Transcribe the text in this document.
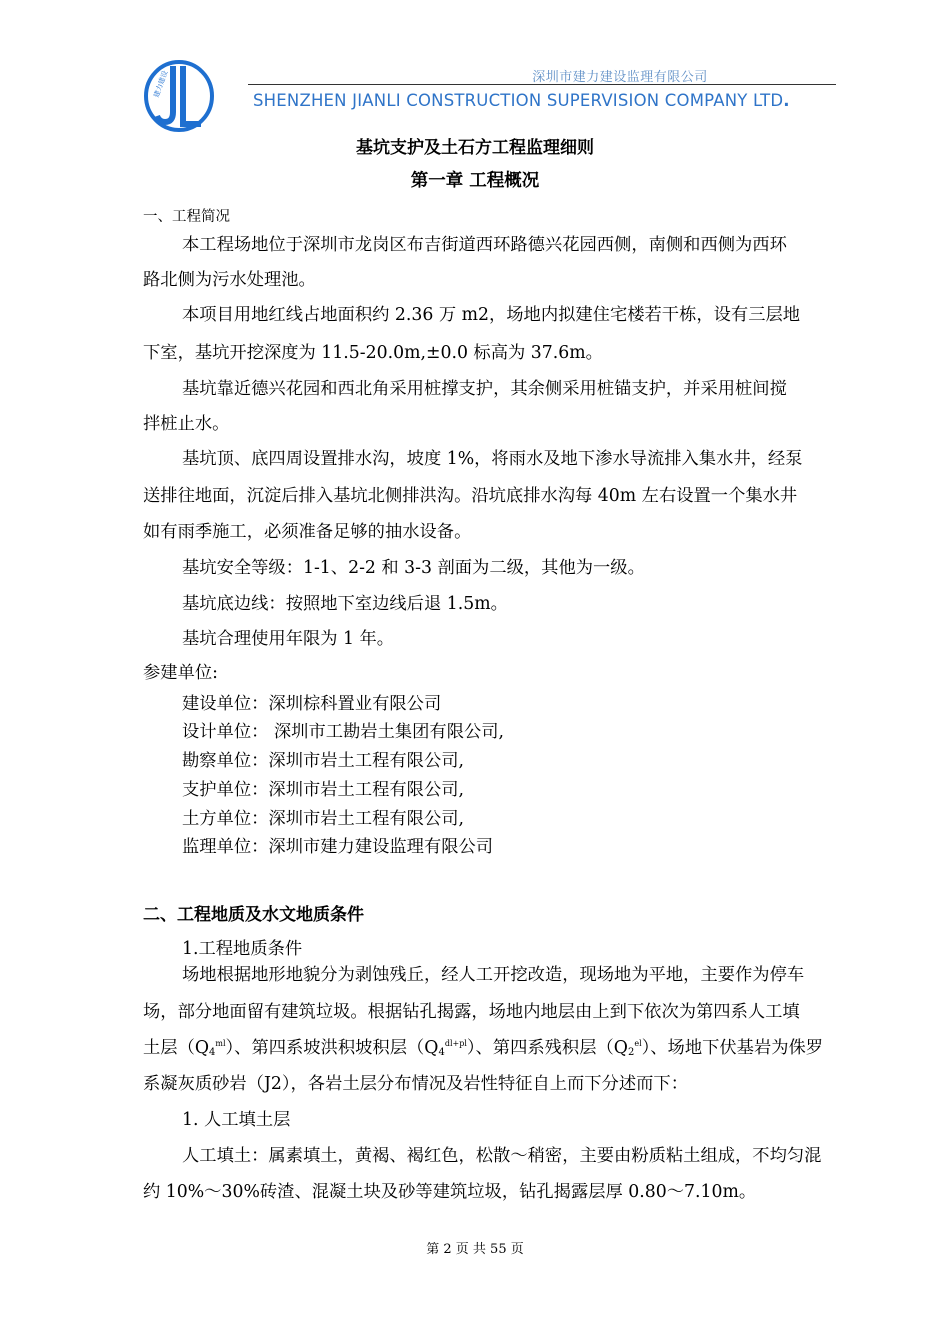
建力建设	深圳市建力建设监理有限公司
SHENZHEN JIANLI CONSTRUCTION SUPERVISION COMPANY LTD.
基坑支护及土石方工程监理细则
第一章 工程概况
一、工程简况
本工程场地位于深圳市龙岗区布吉街道西环路德兴花园西侧，南侧和西侧为西环
路北侧为污水处理池。
本项目用地红线占地面积约 2.36 万 m2，场地内拟建住宅楼若干栋，设有三层地
下室，基坑开挖深度为 11.5-20.0m,±0.0 标高为 37.6m。
基坑靠近德兴花园和西北角采用桩撑支护，其余侧采用桩锚支护，并采用桩间搅
拌桩止水。
基坑顶、底四周设置排水沟，坡度 1%，将雨水及地下渗水导流排入集水井，经泵
送排往地面，沉淀后排入基坑北侧排洪沟。沿坑底排水沟每 40m 左右设置一个集水井
如有雨季施工，必须准备足够的抽水设备。
基坑安全等级：1-1、2-2 和 3-3 剖面为二级，其他为一级。
基坑底边线：按照地下室边线后退 1.5m。
基坑合理使用年限为 1 年。
参建单位:
建设单位：深圳棕科置业有限公司
设计单位： 深圳市工勘岩土集团有限公司,
勘察单位：深圳市岩土工程有限公司,
支护单位：深圳市岩土工程有限公司,
土方单位：深圳市岩土工程有限公司,
监理单位：深圳市建力建设监理有限公司
二、工程地质及水文地质条件
1.工程地质条件
场地根据地形地貌分为剥蚀残丘，经人工开挖改造，现场地为平地，主要作为停车
场，部分地面留有建筑垃圾。根据钻孔揭露，场地内地层由上到下依次为第四系人工填
土层$(Q_4^{ml})$、第四系坡洪积坡积层$(Q_4^{dl+pl})$、第四系残积层$(Q_2^{el})$、场地下伏基岩为侏罗
系凝灰质砂岩（J2），各岩土层分布情况及岩性特征自上而下分述而下：
1. 人工填土层
人工填土：属素填土，黄褐、褐红色，松散～稍密，主要由粉质粘土组成，不均匀混
约 10%～30%砖渣、混凝土块及砂等建筑垃圾，钻孔揭露层厚 0.80～7.10m。
第 2 页 共 55 页
